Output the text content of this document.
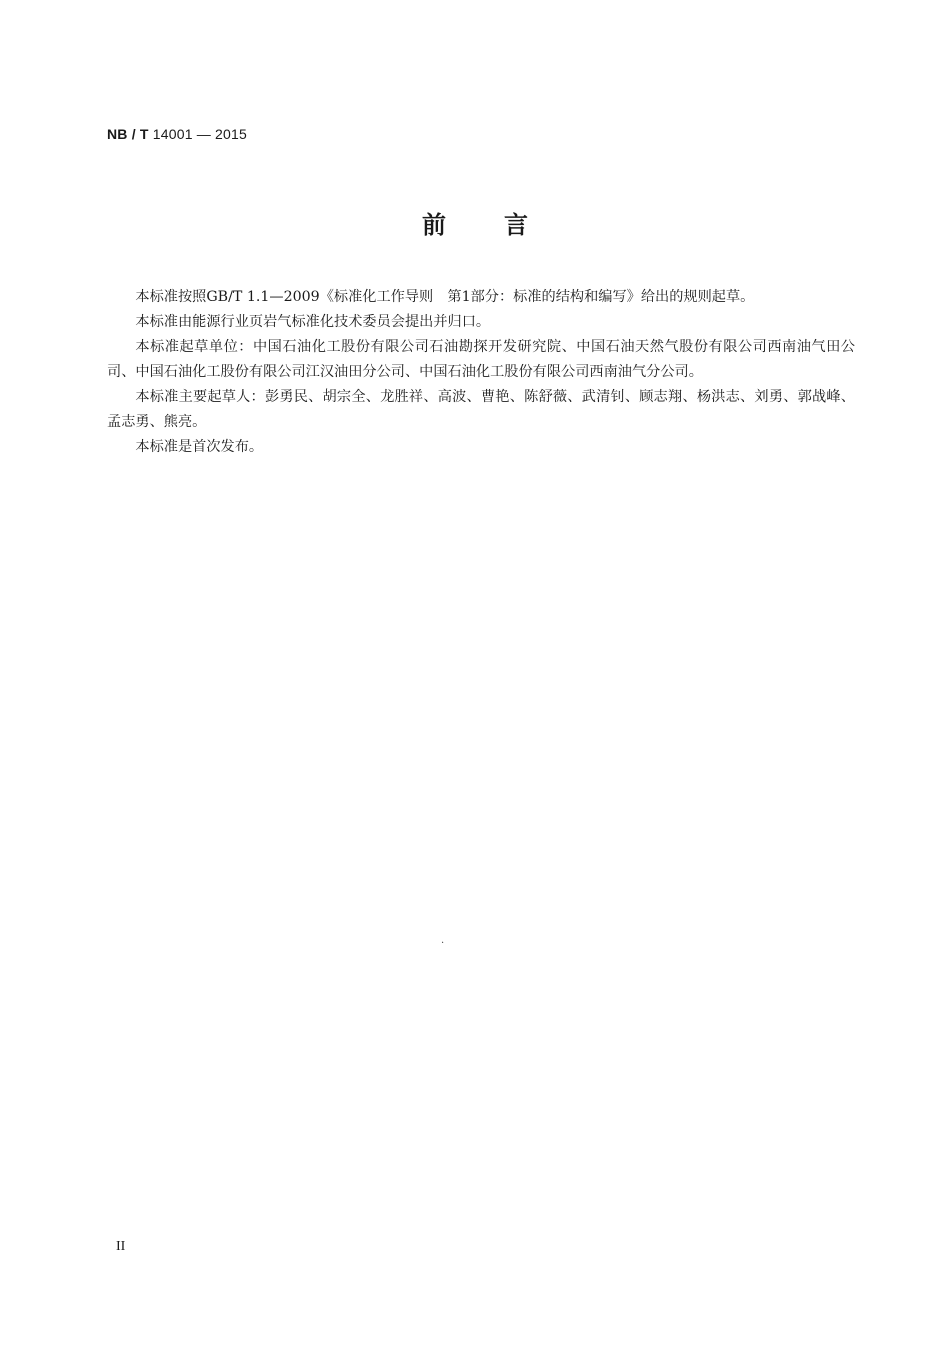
NB / T 14001 — 2015
前言

本标准按照GB/T 1.1—2009《标准化工作导则　第1部分：标准的结构和编写》给出的规则起草。

本标准由能源行业页岩气标准化技术委员会提出并归口。

本标准起草单位：中国石油化工股份有限公司石油勘探开发研究院、中国石油天然气股份有限公司西南油气田公司、中国石油化工股份有限公司江汉油田分公司、中国石油化工股份有限公司西南油气分公司。

本标准主要起草人：彭勇民、胡宗全、龙胜祥、高波、曹艳、陈舒薇、武清钊、顾志翔、杨洪志、刘勇、郭战峰、孟志勇、熊亮。

本标准是首次发布。

.
II
